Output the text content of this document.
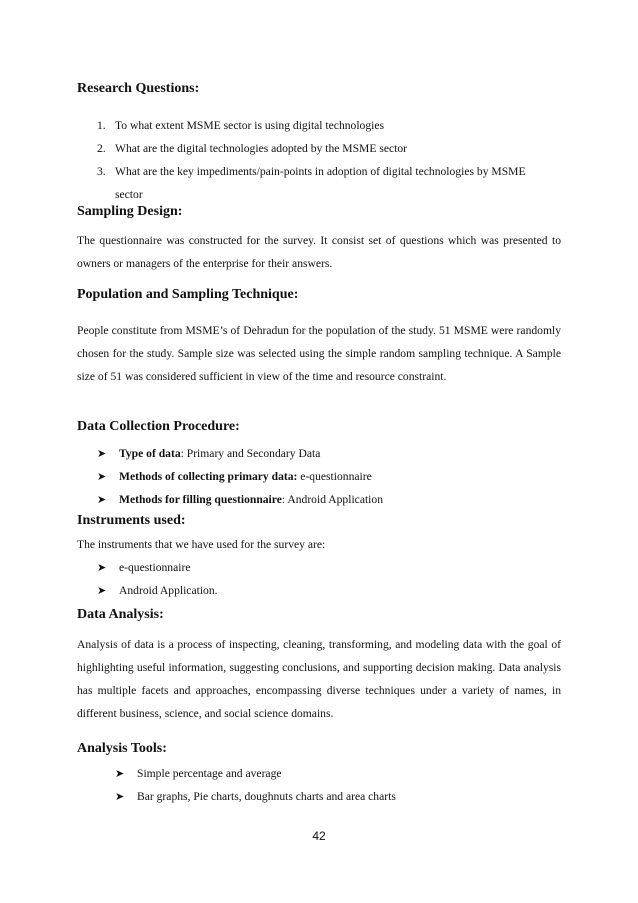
Research Questions:
1. To what extent MSME sector is using digital technologies
2. What are the digital technologies adopted by the MSME sector
3. What are the key impediments/pain-points in adoption of digital technologies by MSME sector
Sampling Design:

The questionnaire was constructed for the survey. It consist set of questions which was presented to owners or managers of the enterprise for their answers.

Population and Sampling Technique:

People constitute from MSME’s of Dehradun for the population of the study. 51 MSME were randomly chosen for the study. Sample size was selected using the simple random sampling technique. A Sample size of 51 was considered sufficient in view of the time and resource constraint.

Data Collection Procedure:
➤ Type of data: Primary and Secondary Data
➤ Methods of collecting primary data: e-questionnaire
➤ Methods for filling questionnaire: Android Application
Instruments used:
The instruments that we have used for the survey are:
➤ e-questionnaire
➤ Android Application.
Data Analysis:

Analysis of data is a process of inspecting, cleaning, transforming, and modeling data with the goal of highlighting useful information, suggesting conclusions, and supporting decision making. Data analysis has multiple facets and approaches, encompassing diverse techniques under a variety of names, in different business, science, and social science domains.

Analysis Tools:
➤ Simple percentage and average
➤ Bar graphs, Pie charts, doughnuts charts and area charts
42
